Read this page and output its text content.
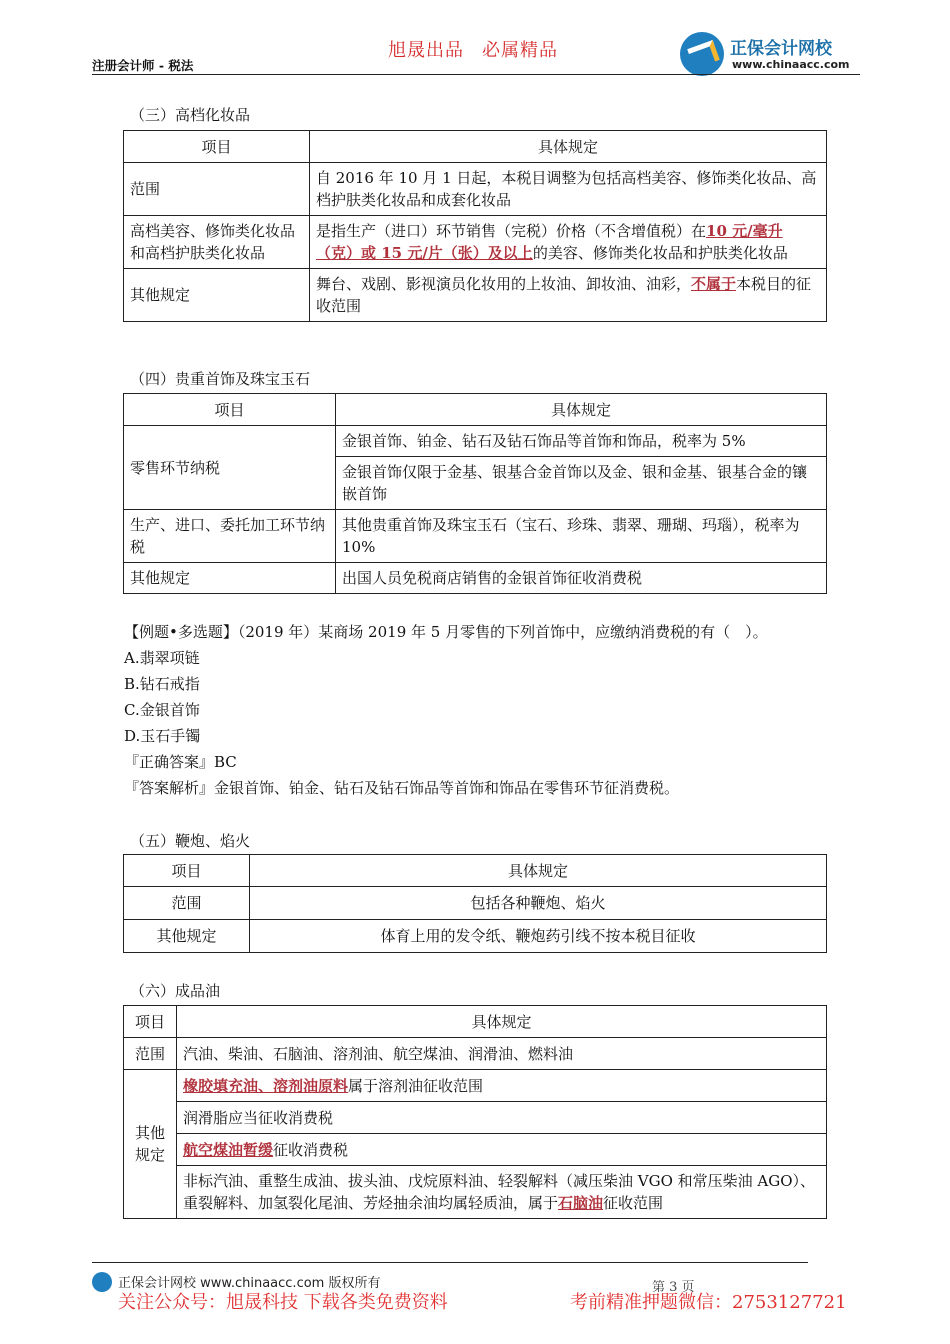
注册会计师 - 税法
旭晟出品 必属精品	正保会计网校
www.chinaacc.com
（三）高档化妆品
项目	具体规定
范围	自 2016 年 10 月 1 日起，本税目调整为包括高档美容、修饰类化妆品、高档护肤类化妆品和成套化妆品
高档美容、修饰类化妆品和高档护肤类化妆品	是指生产（进口）环节销售（完税）价格（不含增值税）在10 元/毫升（克）或 15 元/片（张）及以上的美容、修饰类化妆品和护肤类化妆品
其他规定	舞台、戏剧、影视演员化妆用的上妆油、卸妆油、油彩，不属于本税目的征收范围
（四）贵重首饰及珠宝玉石
项目	具体规定
零售环节纳税	金银首饰、铂金、钻石及钻石饰品等首饰和饰品，税率为 5%
	金银首饰仅限于金基、银基合金首饰以及金、银和金基、银基合金的镶嵌首饰
生产、进口、委托加工环节纳税	其他贵重首饰及珠宝玉石（宝石、珍珠、翡翠、珊瑚、玛瑙），税率为 10%
其他规定	出国人员免税商店销售的金银首饰征收消费税
【例题•多选题】（2019 年）某商场 2019 年 5 月零售的下列首饰中，应缴纳消费税的有（　）。
A.翡翠项链
B.钻石戒指
C.金银首饰
D.玉石手镯
『正确答案』BC
『答案解析』金银首饰、铂金、钻石及钻石饰品等首饰和饰品在零售环节征消费税。
（五）鞭炮、焰火
项目	具体规定
范围	包括各种鞭炮、焰火
其他规定	体育上用的发令纸、鞭炮药引线不按本税目征收
（六）成品油
项目	具体规定
范围	汽油、柴油、石脑油、溶剂油、航空煤油、润滑油、燃料油
其他规定	橡胶填充油、溶剂油原料属于溶剂油征收范围
	润滑脂应当征收消费税
	航空煤油暂缓征收消费税
	非标汽油、重整生成油、拔头油、戊烷原料油、轻裂解料（减压柴油 VGO 和常压柴油 AGO）、重裂解料、加氢裂化尾油、芳烃抽余油均属轻质油，属于石脑油征收范围
正保会计网校 www.chinaacc.com 版权所有	第 3 页
关注公众号：旭晟科技 下载各类免费资料	考前精准押题微信：2753127721
